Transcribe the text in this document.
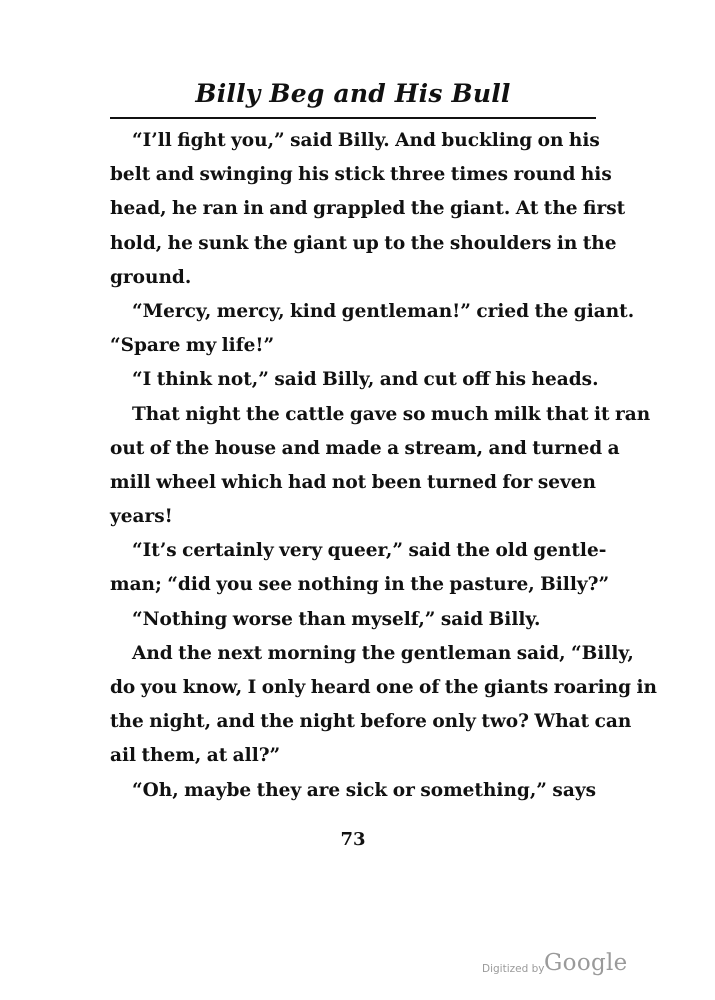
Billy Beg and His Bull
“I’ll fight you,” said Billy. And buckling on his
belt and swinging his stick three times round his
head, he ran in and grappled the giant. At the first
hold, he sunk the giant up to the shoulders in the
ground.
“Mercy, mercy, kind gentleman!” cried the giant.
“Spare my life!”
“I think not,” said Billy, and cut off his heads.
That night the cattle gave so much milk that it ran
out of the house and made a stream, and turned a
mill wheel which had not been turned for seven
years!
“It’s certainly very queer,” said the old gentle-
man; “did you see nothing in the pasture, Billy?”
“Nothing worse than myself,” said Billy.
And the next morning the gentleman said, “Billy,
do you know, I only heard one of the giants roaring in
the night, and the night before only two? What can
ail them, at all?”
“Oh, maybe they are sick or something,” says
73
Digitized by Google
